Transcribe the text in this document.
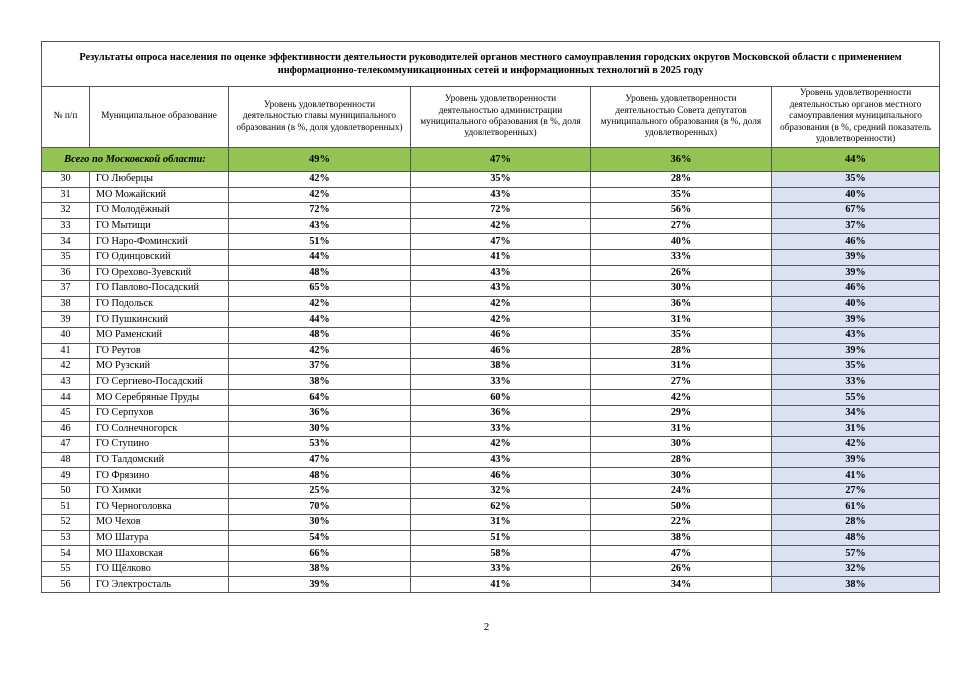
Результаты опроса населения по оценке эффективности деятельности руководителей органов местного самоуправления городских округов Московской области с применением информационно-телекоммуникационных сетей и информационных технологий в 2025 году					
№ п/п	Муниципальное образование	Уровень удовлетворенности деятельностью главы муниципального образования (в %, доля удовлетворенных)	Уровень удовлетворенности деятельностью администрации муниципального образования (в %, доля удовлетворенных)	Уровень удовлетворенности деятельностью Совета депутатов муниципального образования (в %, доля удовлетворенных)	Уровень удовлетворенности деятельностью органов местного самоуправления муниципального образования (в %, средний показатель удовлетворенности)
Всего по Московской области:		49%	47%	36%	44%
30	ГО Люберцы	42%	35%	28%	35%
31	МО Можайский	42%	43%	35%	40%
32	ГО Молодёжный	72%	72%	56%	67%
33	ГО Мытищи	43%	42%	27%	37%
34	ГО Наро-Фоминский	51%	47%	40%	46%
35	ГО Одинцовский	44%	41%	33%	39%
36	ГО Орехово-Зуевский	48%	43%	26%	39%
37	ГО Павлово-Посадский	65%	43%	30%	46%
38	ГО Подольск	42%	42%	36%	40%
39	ГО Пушкинский	44%	42%	31%	39%
40	МО Раменский	48%	46%	35%	43%
41	ГО Реутов	42%	46%	28%	39%
42	МО Рузский	37%	38%	31%	35%
43	ГО Сергиево-Посадский	38%	33%	27%	33%
44	МО Серебряные Пруды	64%	60%	42%	55%
45	ГО Серпухов	36%	36%	29%	34%
46	ГО Солнечногорск	30%	33%	31%	31%
47	ГО Ступино	53%	42%	30%	42%
48	ГО Талдомский	47%	43%	28%	39%
49	ГО Фрязино	48%	46%	30%	41%
50	ГО Химки	25%	32%	24%	27%
51	ГО Черноголовка	70%	62%	50%	61%
52	МО Чехов	30%	31%	22%	28%
53	МО Шатура	54%	51%	38%	48%
54	МО Шаховская	66%	58%	47%	57%
55	ГО Щёлково	38%	33%	26%	32%
56	ГО Электросталь	39%	41%	34%	38%
2
